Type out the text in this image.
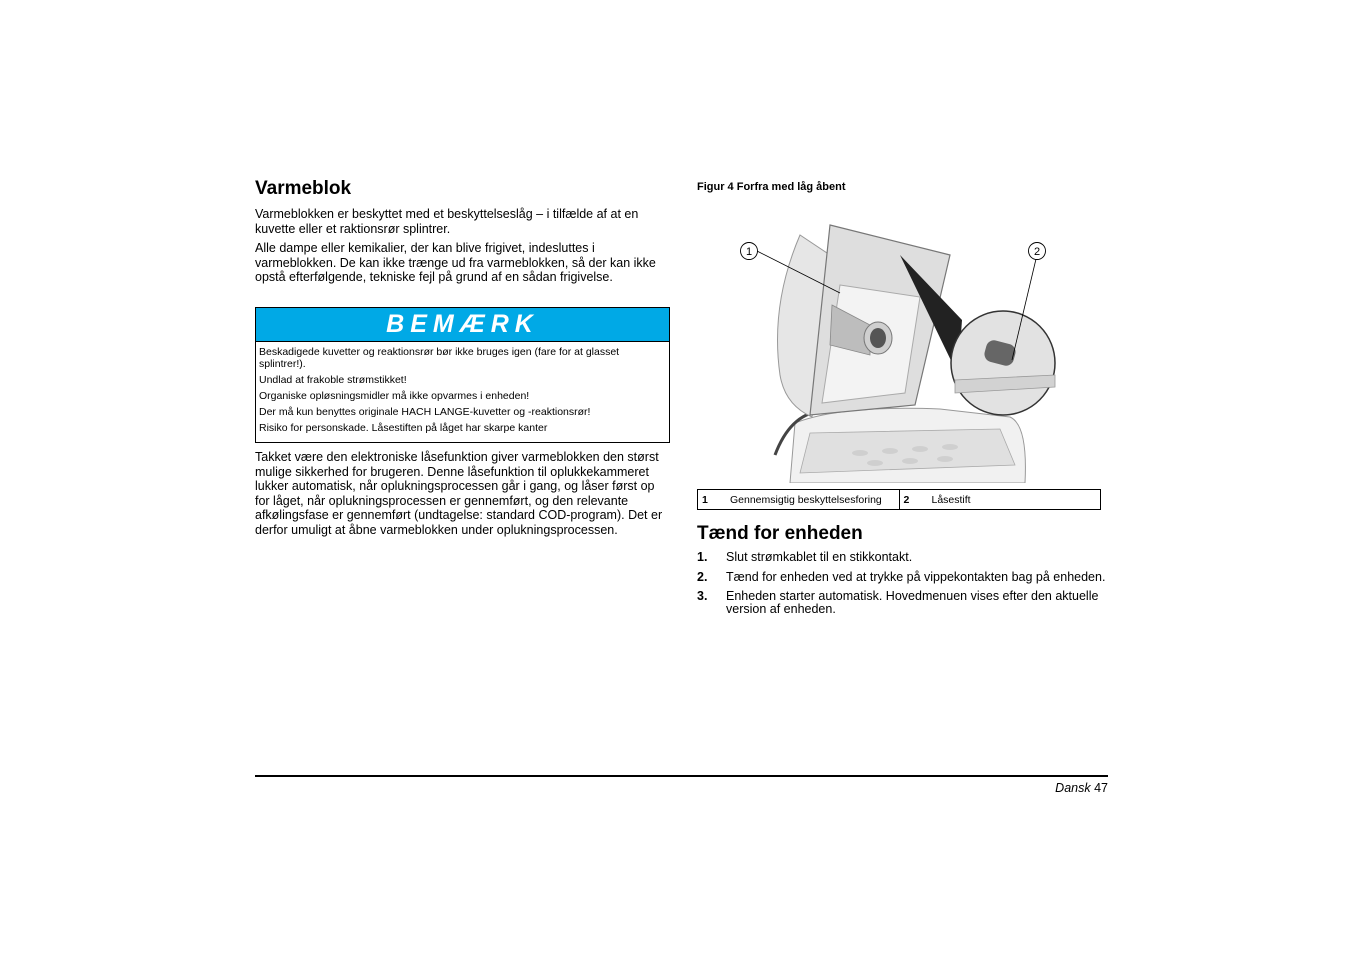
Varmeblok

Varmeblokken er beskyttet med et beskyttelseslåg – i tilfælde af at en kuvette eller et raktionsrør splintrer.

Alle dampe eller kemikalier, der kan blive frigivet, indesluttes i varmeblokken. De kan ikke trænge ud fra varmeblokken, så der kan ikke opstå efterfølgende, tekniske fejl på grund af en sådan frigivelse.

BEMÆRK
Beskadigede kuvetter og reaktionsrør bør ikke bruges igen (fare for at glasset splintrer!).
Undlad at frakoble strømstikket!
Organiske opløsningsmidler må ikke opvarmes i enheden!
Der må kun benyttes originale HACH LANGE-kuvetter og -reaktionsrør!
Risiko for personskade. Låsestiften på låget har skarpe kanter

Takket være den elektroniske låsefunktion giver varmeblokken den størst mulige sikkerhed for brugeren. Denne låsefunktion til oplukkekammeret lukker automatisk, når oplukningsprocessen går i gang, og låser først op for låget, når oplukningsprocessen er gennemført, og den relevante afkølingsfase er gennemført (undtagelse: standard COD-program). Det er derfor umuligt at åbne varmeblokken under oplukningsprocessen.

Figur 4 Forfra med låg åbent
1	2
1	Gennemsigtig beskyttelsesforing	2	Låsestift
Tænd for enheden
1.	Slut strømkablet til en stikkontakt.
2.	Tænd for enheden ved at trykke på vippekontakten bag på enheden.
3.	Enheden starter automatisk. Hovedmenuen vises efter den aktuelle version af enheden.
Dansk 47
